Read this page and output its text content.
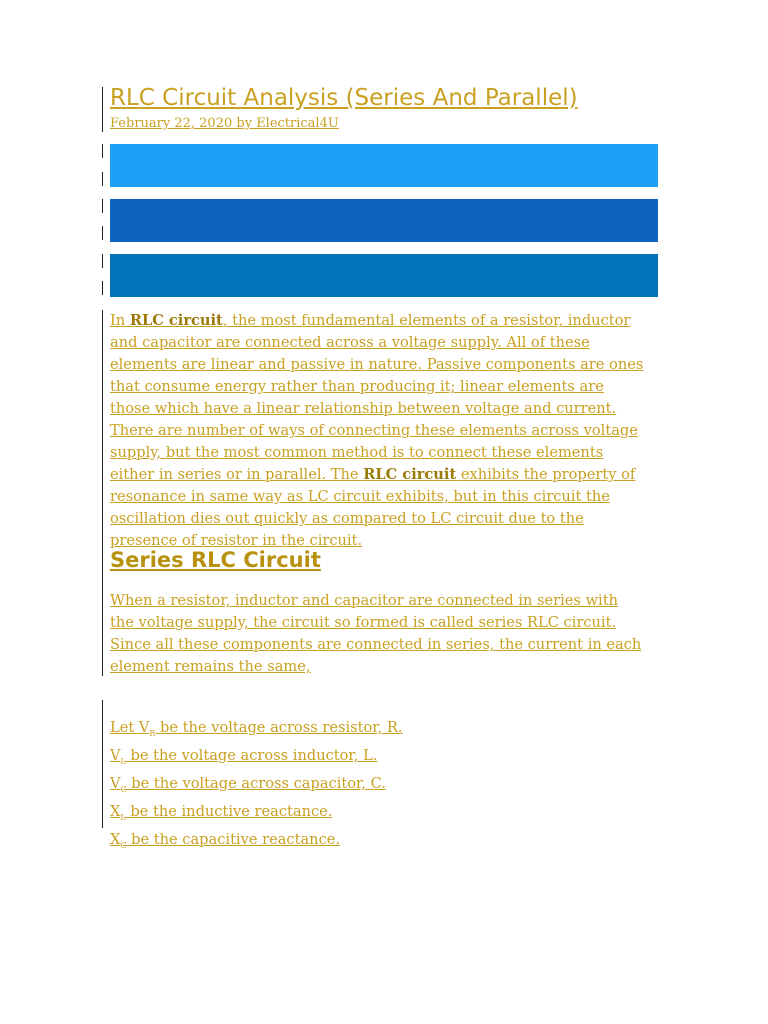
RLC Circuit Analysis (Series And Parallel)
February 22, 2020 by Electrical4U
In RLC circuit, the most fundamental elements of a resistor, inductor
and capacitor are connected across a voltage supply. All of these
elements are linear and passive in nature. Passive components are ones
that consume energy rather than producing it; linear elements are
those which have a linear relationship between voltage and current.
There are number of ways of connecting these elements across voltage
supply, but the most common method is to connect these elements
either in series or in parallel. The RLC circuit exhibits the property of
resonance in same way as LC circuit exhibits, but in this circuit the
oscillation dies out quickly as compared to LC circuit due to the
presence of resistor in the circuit.
Series RLC Circuit
When a resistor, inductor and capacitor are connected in series with
the voltage supply, the circuit so formed is called series RLC circuit.
Since all these components are connected in series, the current in each
element remains the same,
Let $V_R$ be the voltage across resistor, R.
$V_L$ be the voltage across inductor, L.
$V_C$ be the voltage across capacitor, C.
$X_L$ be the inductive reactance.
$X_C$ be the capacitive reactance.
